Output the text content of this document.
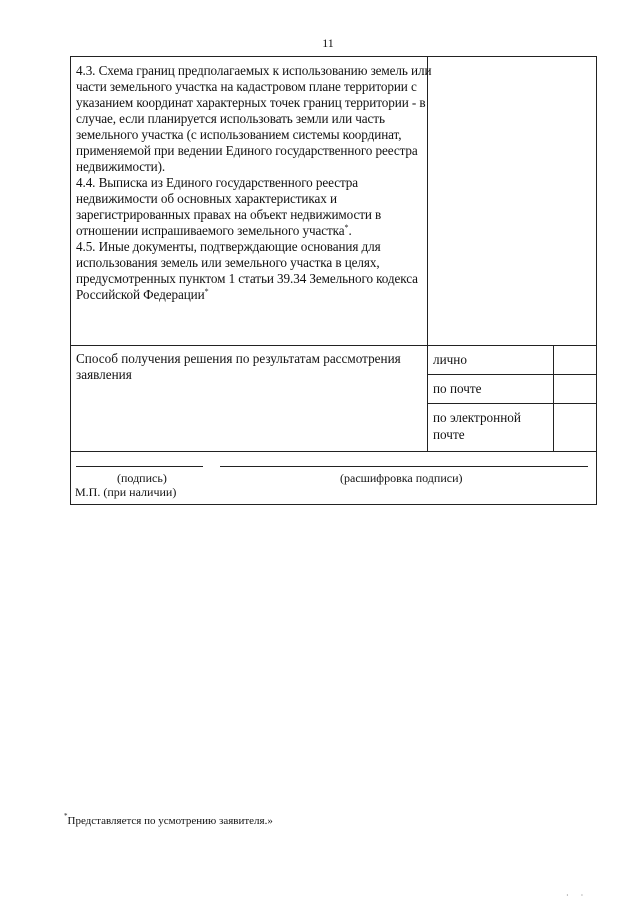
11

4.3. Схема границ предполагаемых к использованию земель или части земельного участка на кадастровом плане территории с указанием координат характерных точек границ территории - в случае, если планируется использовать земли или часть земельного участка (с использованием системы координат, применяемой при ведении Единого государственного реестра недвижимости).

4.4. Выписка из Единого государственного реестра недвижимости об основных характеристиках и зарегистрированных правах на объект недвижимости в отношении испрашиваемого земельного участка*.

4.5. Иные документы, подтверждающие основания для использования земель или земельного участка в целях, предусмотренных пунктом 1 статьи 39.34 Земельного кодекса Российской Федерации*

Способ получения решения по результатам рассмотрения заявления
лично
по почте
по электронной почте
(подпись)	(расшифровка подписи)
М.П. (при наличии)
*Представляется по усмотрению заявителя.»
· ·
